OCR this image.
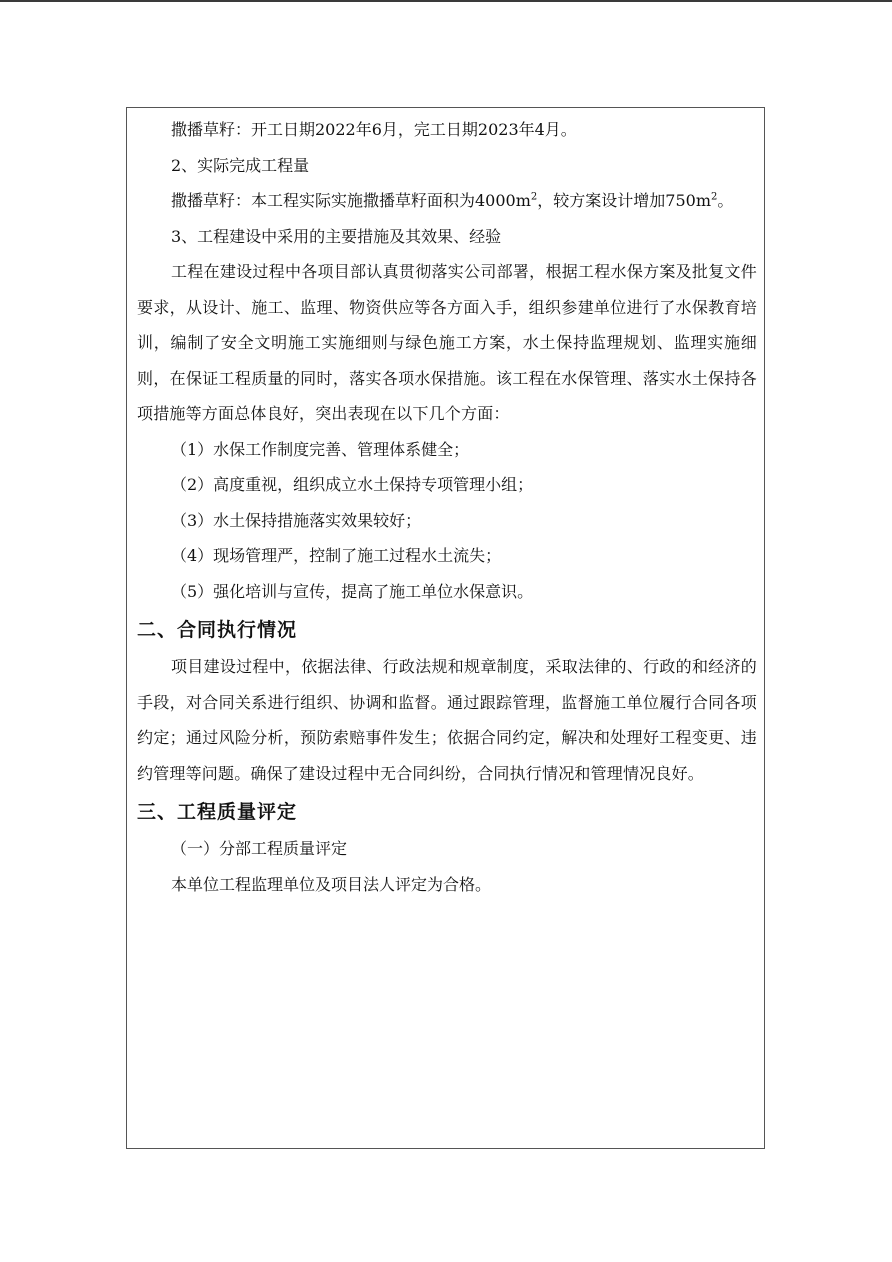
撒播草籽：开工日期2022年6月，完工日期2023年4月。

2、实际完成工程量

撒播草籽：本工程实际实施撒播草籽面积为$4000m^2$，较方案设计增加$750m^2$。

3、工程建设中采用的主要措施及其效果、经验

工程在建设过程中各项目部认真贯彻落实公司部署，根据工程水保方案及批复文件要求，从设计、施工、监理、物资供应等各方面入手，组织参建单位进行了水保教育培训，编制了安全文明施工实施细则与绿色施工方案，水土保持监理规划、监理实施细则，在保证工程质量的同时，落实各项水保措施。该工程在水保管理、落实水土保持各项措施等方面总体良好，突出表现在以下几个方面：

（1）水保工作制度完善、管理体系健全；

（2）高度重视，组织成立水土保持专项管理小组；

（3）水土保持措施落实效果较好；

（4）现场管理严，控制了施工过程水土流失；

（5）强化培训与宣传，提高了施工单位水保意识。

二、合同执行情况

项目建设过程中，依据法律、行政法规和规章制度，采取法律的、行政的和经济的手段，对合同关系进行组织、协调和监督。通过跟踪管理，监督施工单位履行合同各项约定；通过风险分析，预防索赔事件发生；依据合同约定，解决和处理好工程变更、违约管理等问题。确保了建设过程中无合同纠纷，合同执行情况和管理情况良好。

三、工程质量评定

（一）分部工程质量评定

本单位工程监理单位及项目法人评定为合格。
